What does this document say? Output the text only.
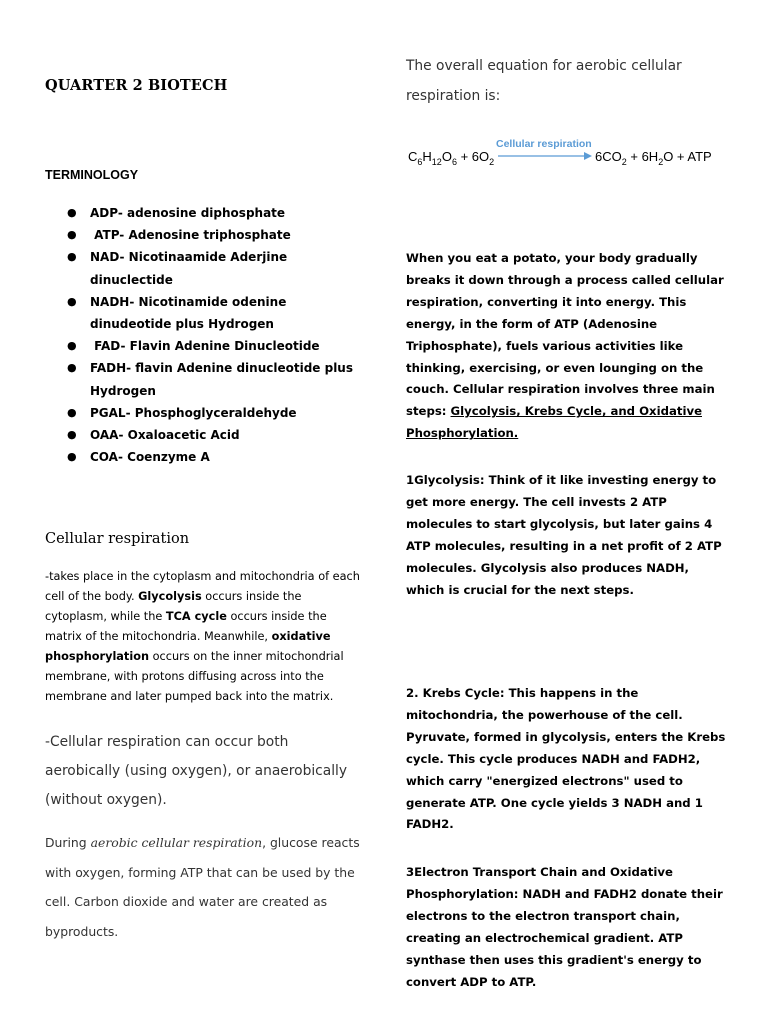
QUARTER 2 BIOTECH
TERMINOLOGY
● ADP- adenosine diphosphate
● ATP- Adenosine triphosphate
● NAD- Nicotinaamide Aderjine dinuclectide
● NADH- Nicotinamide odenine dinudeotide plus Hydrogen
● FAD- Flavin Adenine Dinucleotide
● FADH- flavin Adenine dinucleotide plus Hydrogen
● PGAL- Phosphoglyceraldehyde
● OAA- Oxaloacetic Acid
● COA- Coenzyme A
Cellular respiration

-takes place in the cytoplasm and mitochondria of each cell of the body. Glycolysis occurs inside the cytoplasm, while the TCA cycle occurs inside the matrix of the mitochondria. Meanwhile, oxidative phosphorylation occurs on the inner mitochondrial membrane, with protons diffusing across into the membrane and later pumped back into the matrix.

-Cellular respiration can occur both aerobically (using oxygen), or anaerobically (without oxygen).

During aerobic cellular respiration, glucose reacts with oxygen, forming ATP that can be used by the cell. Carbon dioxide and water are created as byproducts.

The overall equation for aerobic cellular respiration is:

Cellular respiration
$C_6H_{12}O_6 + 6O_2$	$6CO_2 + 6H_2O$ + ATP

When you eat a potato, your body gradually breaks it down through a process called cellular respiration, converting it into energy. This energy, in the form of ATP (Adenosine Triphosphate), fuels various activities like thinking, exercising, or even lounging on the couch. Cellular respiration involves three main steps: Glycolysis, Krebs Cycle, and Oxidative Phosphorylation.

1Glycolysis: Think of it like investing energy to get more energy. The cell invests 2 ATP molecules to start glycolysis, but later gains 4 ATP molecules, resulting in a net profit of 2 ATP molecules. Glycolysis also produces NADH, which is crucial for the next steps.

2. Krebs Cycle: This happens in the mitochondria, the powerhouse of the cell. Pyruvate, formed in glycolysis, enters the Krebs cycle. This cycle produces NADH and FADH2, which carry "energized electrons" used to generate ATP. One cycle yields 3 NADH and 1 FADH2.

3Electron Transport Chain and Oxidative Phosphorylation: NADH and FADH2 donate their electrons to the electron transport chain, creating an electrochemical gradient. ATP synthase then uses this gradient's energy to convert ADP to ATP.
